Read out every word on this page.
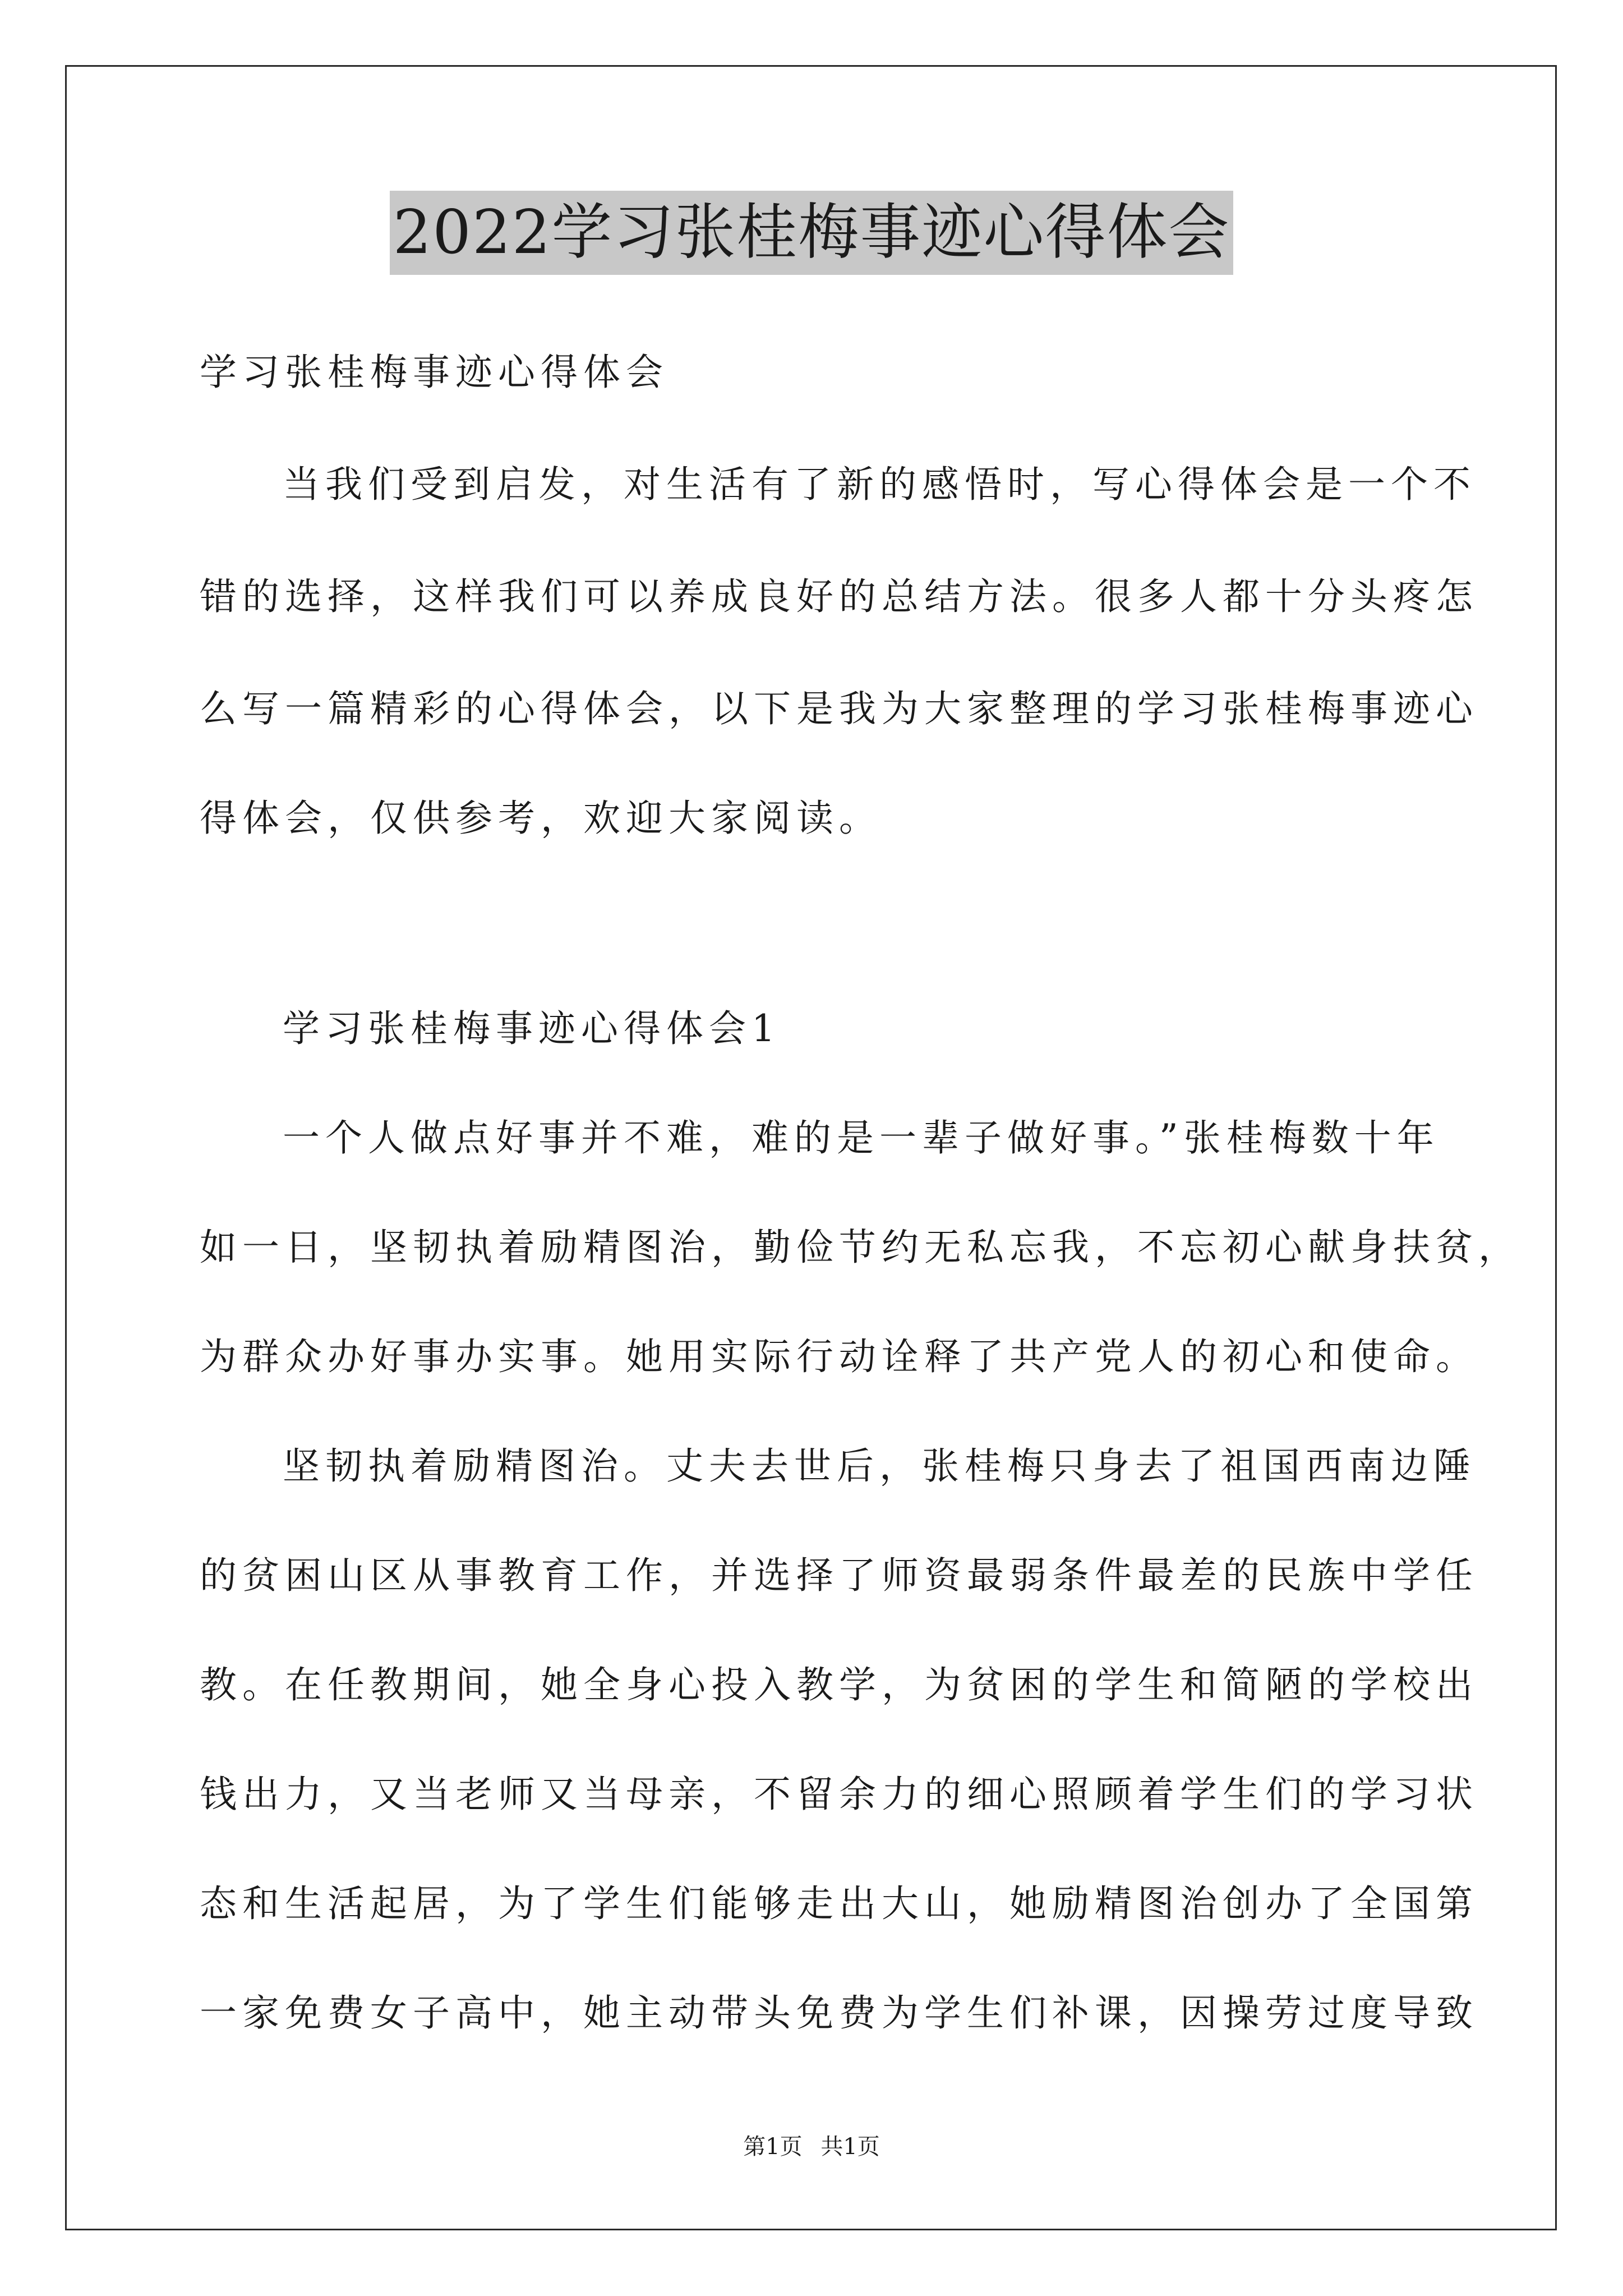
2022学习张桂梅事迹心得体会
学习张桂梅事迹心得体会
当我们受到启发，对生活有了新的感悟时，写心得体会是一个不
错的选择，这样我们可以养成良好的总结方法。很多人都十分头疼怎
么写一篇精彩的心得体会，以下是我为大家整理的学习张桂梅事迹心
得体会，仅供参考，欢迎大家阅读。
学习张桂梅事迹心得体会1
一个人做点好事并不难，难的是一辈子做好事。”张桂梅数十年
如一日，坚韧执着励精图治，勤俭节约无私忘我，不忘初心献身扶贫，
为群众办好事办实事。她用实际行动诠释了共产党人的初心和使命。
坚韧执着励精图治。丈夫去世后，张桂梅只身去了祖国西南边陲
的贫困山区从事教育工作，并选择了师资最弱条件最差的民族中学任
教。在任教期间，她全身心投入教学，为贫困的学生和简陋的学校出
钱出力，又当老师又当母亲，不留余力的细心照顾着学生们的学习状
态和生活起居，为了学生们能够走出大山，她励精图治创办了全国第
一家免费女子高中，她主动带头免费为学生们补课，因操劳过度导致
第1页 共1页
